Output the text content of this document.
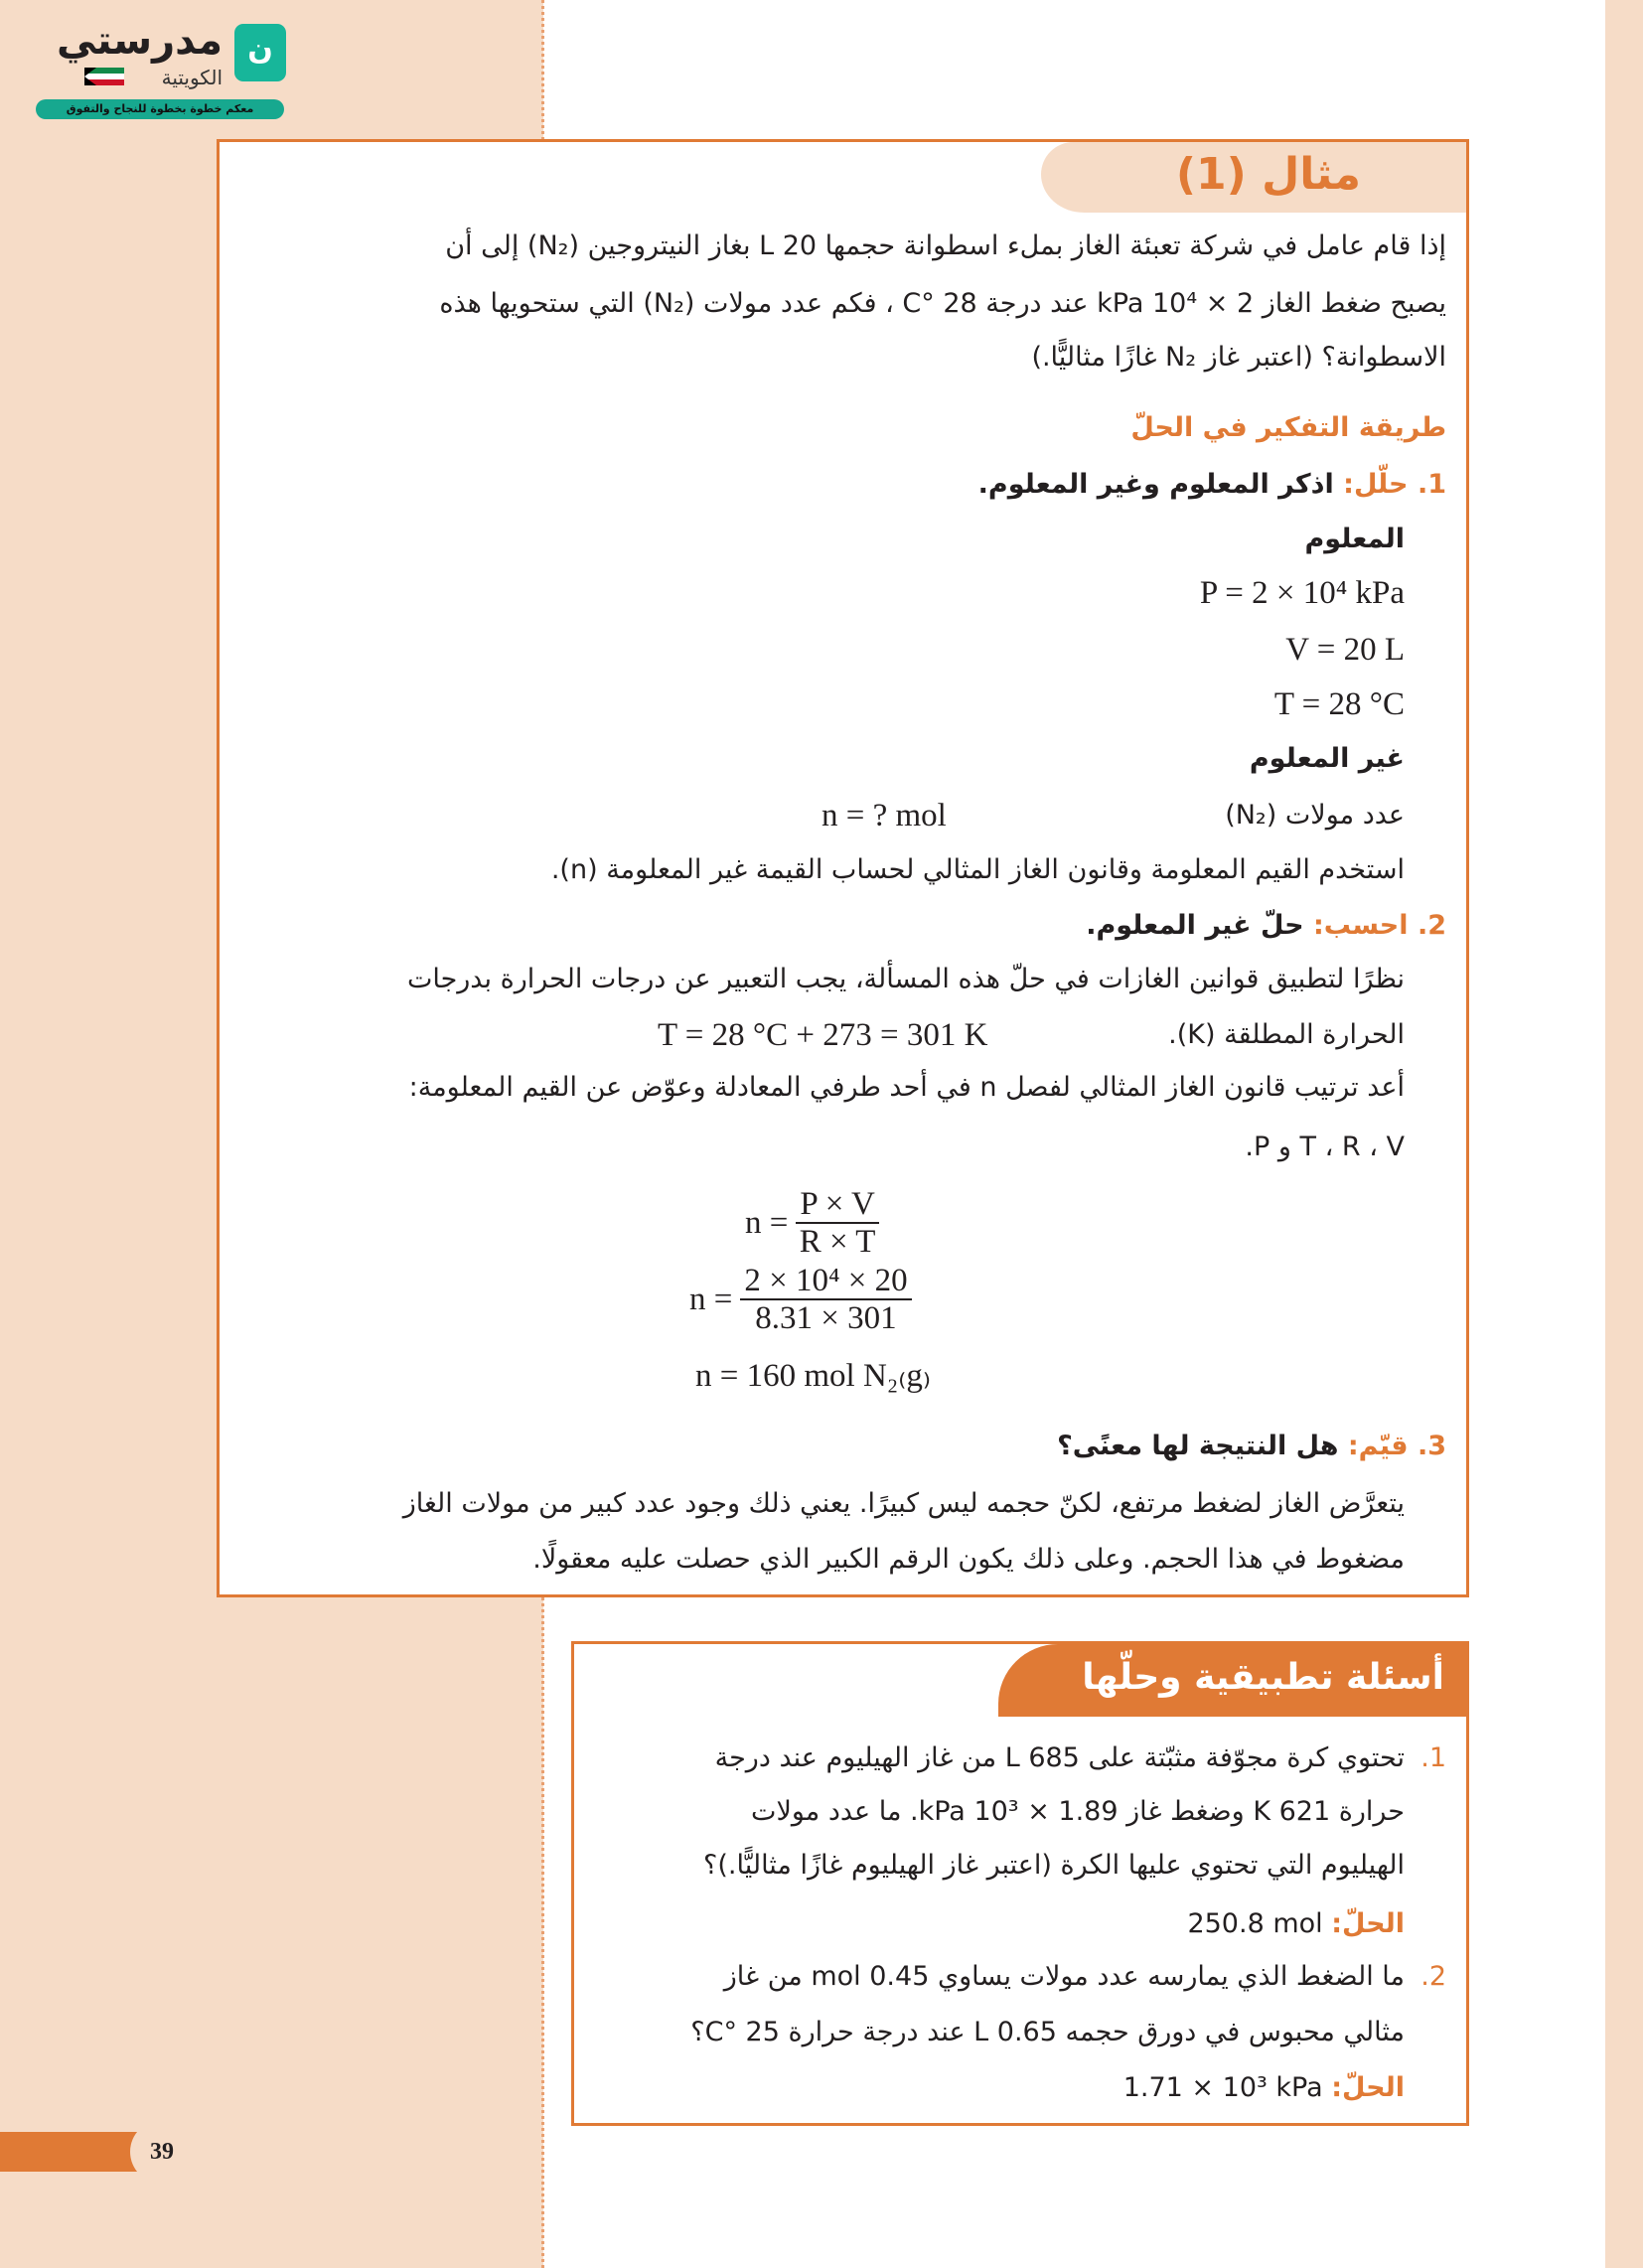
ن
مدرستي
الكويتية
معكم خطوة بخطوة للنجاح والتفوق
مثال (1)
إذا قام عامل في شركة تعبئة الغاز بملء اسطوانة حجمها L 20 بغاز النيتروجين (N₂) إلى أن
يصبح ضغط الغاز 2 × 10⁴ kPa عند درجة 28 °C ، فكم عدد مولات (N₂) التي ستحويها هذه
الاسطوانة؟ (اعتبر غاز N₂ غازًا مثاليًّا.)
طريقة التفكير في الحلّ
1. حلّل: اذكر المعلوم وغير المعلوم.
المعلوم
P = 2 × 10⁴ kPa
V = 20 L
T = 28 °C
غير المعلوم
عدد مولات (N₂)
n = ? mol
استخدم القيم المعلومة وقانون الغاز المثالي لحساب القيمة غير المعلومة (n).
2. احسب: حلّ غير المعلوم.
نظرًا لتطبيق قوانين الغازات في حلّ هذه المسألة، يجب التعبير عن درجات الحرارة بدرجات
الحرارة المطلقة (K).
T = 28 °C + 273 = 301 K
أعد ترتيب قانون الغاز المثالي لفصل n في أحد طرفي المعادلة وعوّض عن القيم المعلومة:
T ، R ، V و P.
$n = \frac{P \times V}{R \times T}$
$n = \frac{\text{2 × 10⁴ × 20}}{8.31 \times 301}$
n = 160 mol N₂₍g₎
3. قيّم: هل النتيجة لها معنًى؟
يتعرَّض الغاز لضغط مرتفع، لكنّ حجمه ليس كبيرًا. يعني ذلك وجود عدد كبير من مولات الغاز
مضغوط في هذا الحجم. وعلى ذلك يكون الرقم الكبير الذي حصلت عليه معقولًا.
أسئلة تطبيقية وحلّها
1.
تحتوي كرة مجوّفة مثبّتة على L 685 من غاز الهيليوم عند درجة
حرارة K 621 وضغط غاز 1.89 × 10³ kPa. ما عدد مولات
الهيليوم التي تحتوي عليها الكرة (اعتبر غاز الهيليوم غازًا مثاليًّا.)؟
الحلّ: 250.8 mol
2.
ما الضغط الذي يمارسه عدد مولات يساوي 0.45 mol من غاز
مثالي محبوس في دورق حجمه L 0.65 عند درجة حرارة 25 °C؟
الحلّ: 1.71 × 10³ kPa
39
